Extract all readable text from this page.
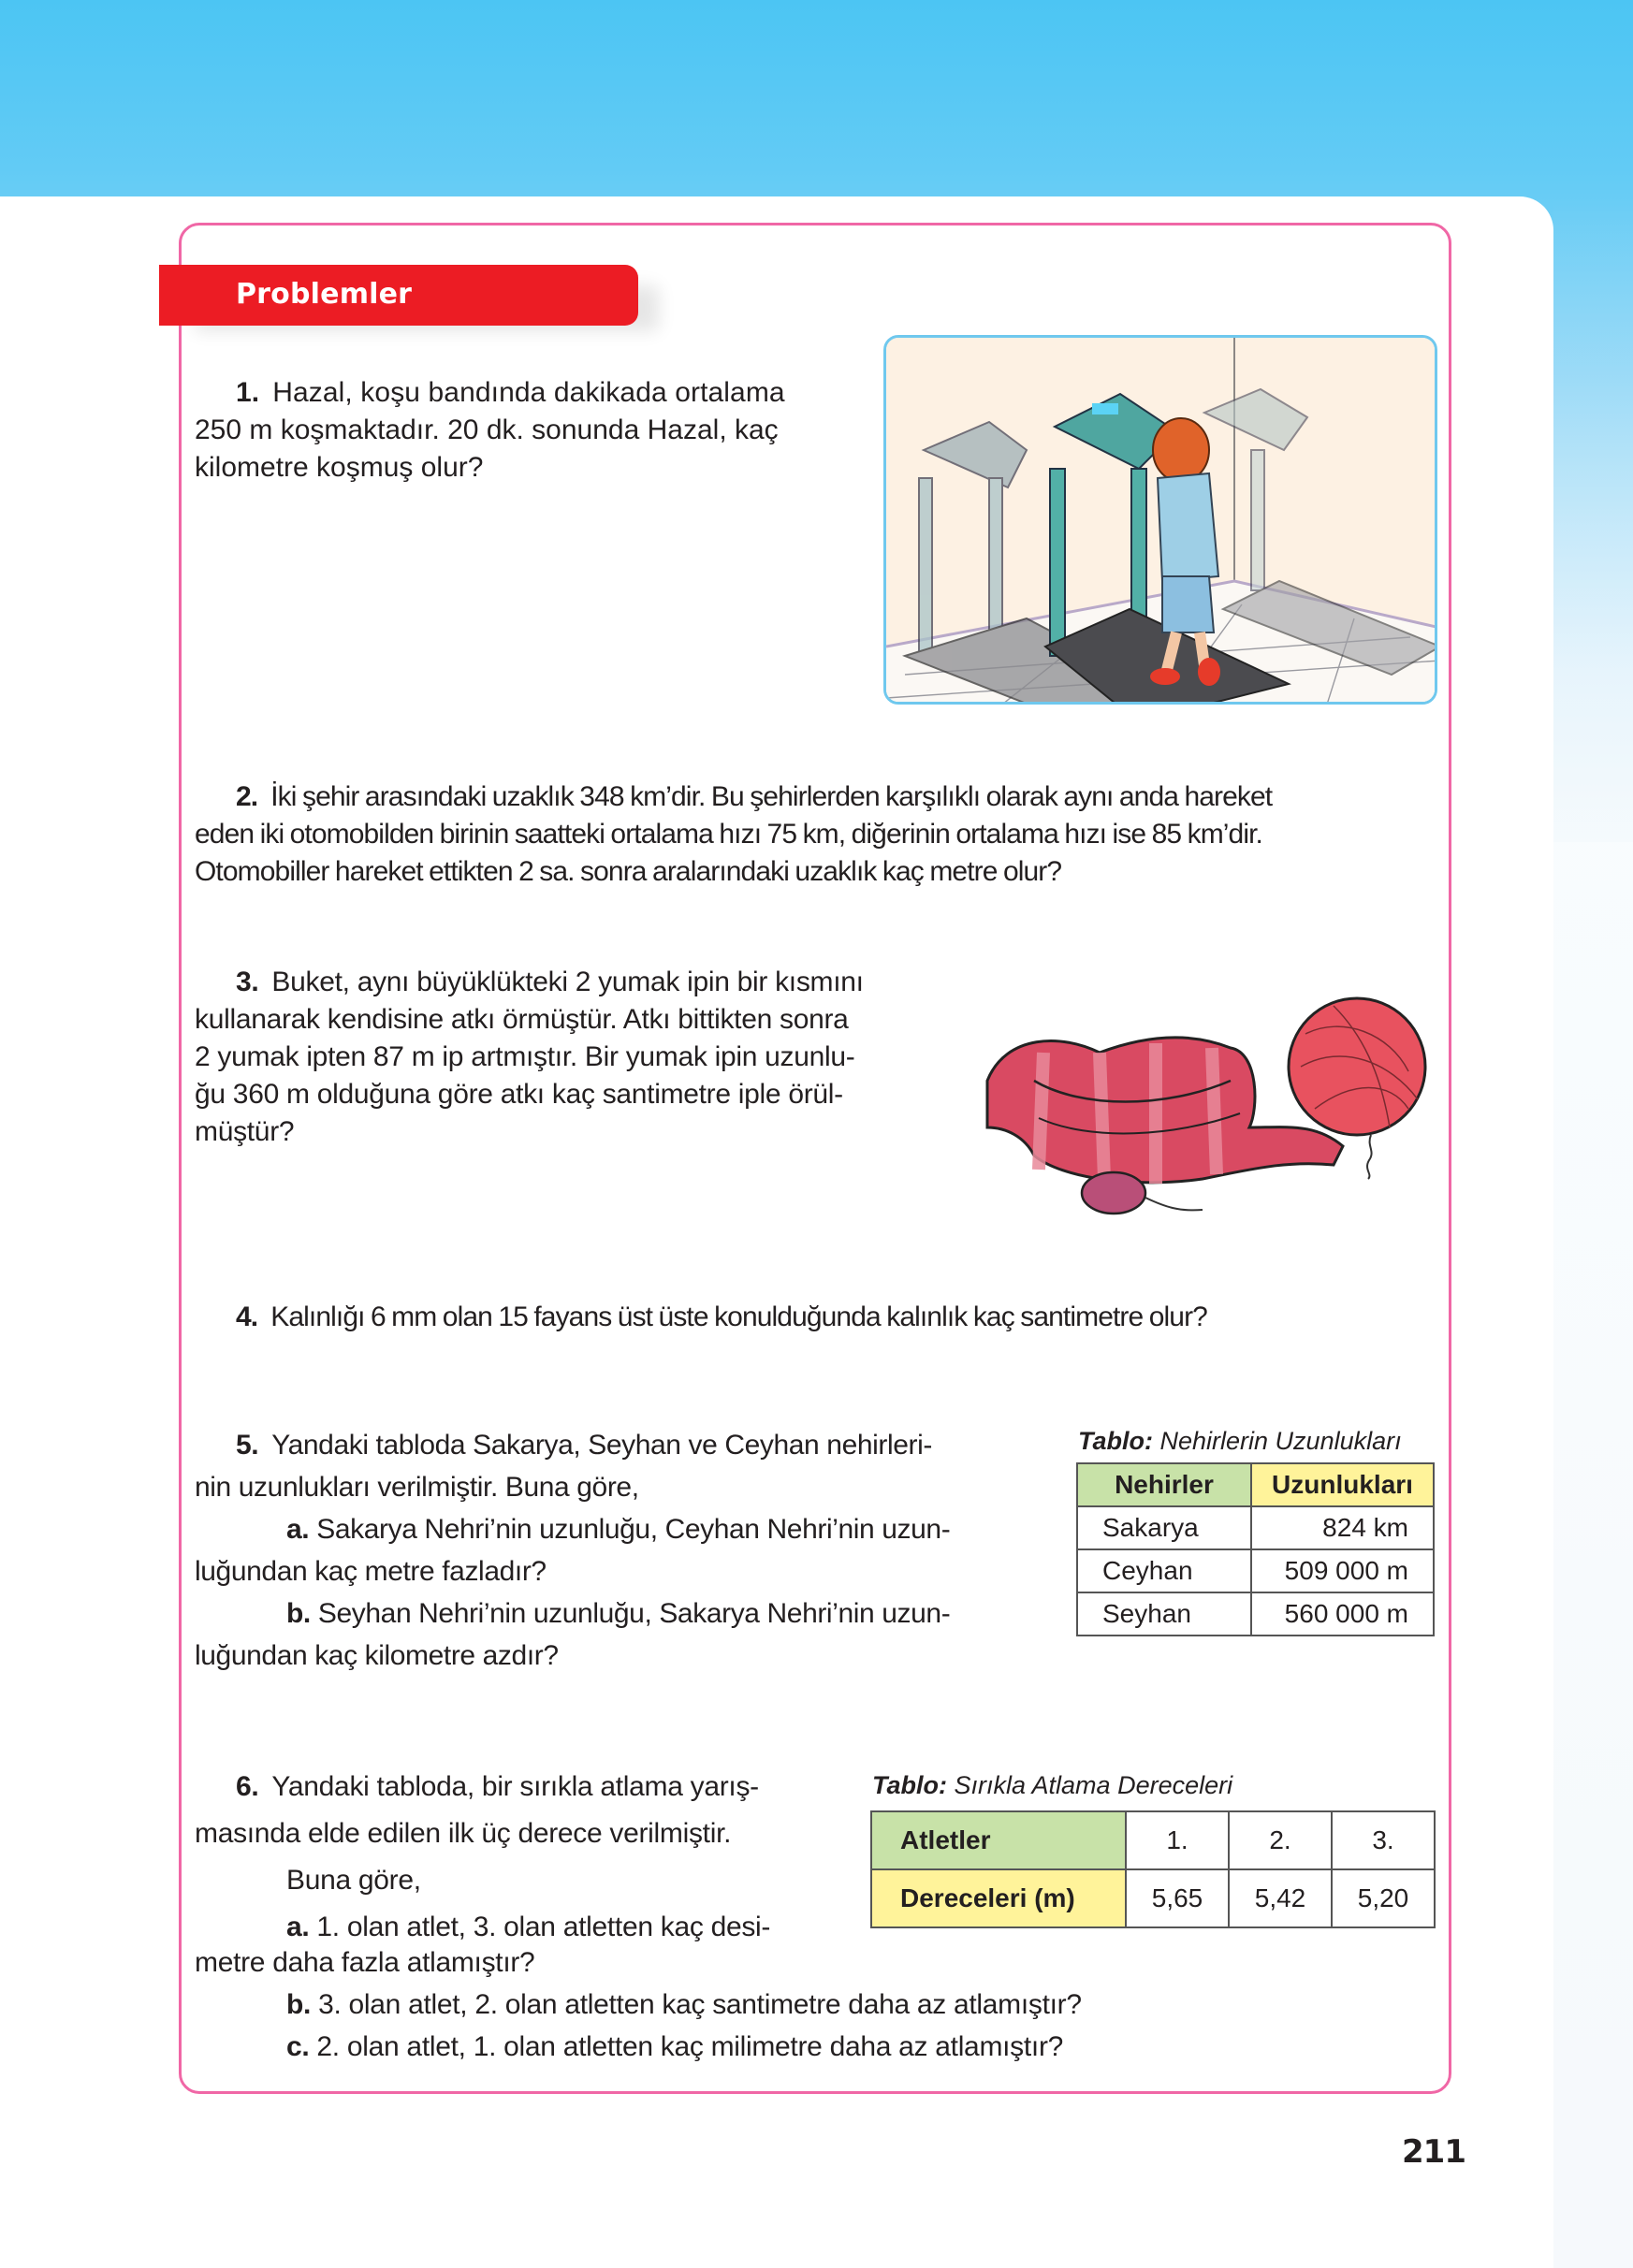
Problemler

1. Hazal, koşu bandında dakikada ortalama

250 m koşmaktadır. 20 dk. sonunda Hazal, kaç

kilometre koşmuş olur?

2. İki şehir arasındaki uzaklık 348 km’dir. Bu şehirlerden karşılıklı olarak aynı anda hareket

eden iki otomobilden birinin saatteki ortalama hızı 75 km, diğerinin ortalama hızı ise 85 km’dir.

Otomobiller hareket ettikten 2 sa. sonra aralarındaki uzaklık kaç metre olur?

3. Buket, aynı büyüklükteki 2 yumak ipin bir kısmını

kullanarak kendisine atkı örmüştür. Atkı bittikten sonra

2 yumak ipten 87 m ip artmıştır. Bir yumak ipin uzunlu-

ğu 360 m olduğuna göre atkı kaç santimetre iple örül-

müştür?

4. Kalınlığı 6 mm olan 15 fayans üst üste konulduğunda kalınlık kaç santimetre olur?

5. Yandaki tabloda Sakarya, Seyhan ve Ceyhan nehirleri-

nin uzunlukları verilmiştir. Buna göre,

a. Sakarya Nehri’nin uzunluğu, Ceyhan Nehri’nin uzun-

luğundan kaç metre fazladır?

b. Seyhan Nehri’nin uzunluğu, Sakarya Nehri’nin uzun-

luğundan kaç kilometre azdır?

Tablo: Nehirlerin Uzunlukları
Nehirler	Uzunlukları
Sakarya	824 km
Ceyhan	509 000 m
Seyhan	560 000 m

6. Yandaki tabloda, bir sırıkla atlama yarış-

masında elde edilen ilk üç derece verilmiştir.

Buna göre,

a. 1. olan atlet, 3. olan atletten kaç desi-

metre daha fazla atlamıştır?

b. 3. olan atlet, 2. olan atletten kaç santimetre daha az atlamıştır?

c. 2. olan atlet, 1. olan atletten kaç milimetre daha az atlamıştır?

Tablo: Sırıkla Atlama Dereceleri
Atletler	1.	2.	3.
Dereceleri (m)	5,65	5,42	5,20
211
